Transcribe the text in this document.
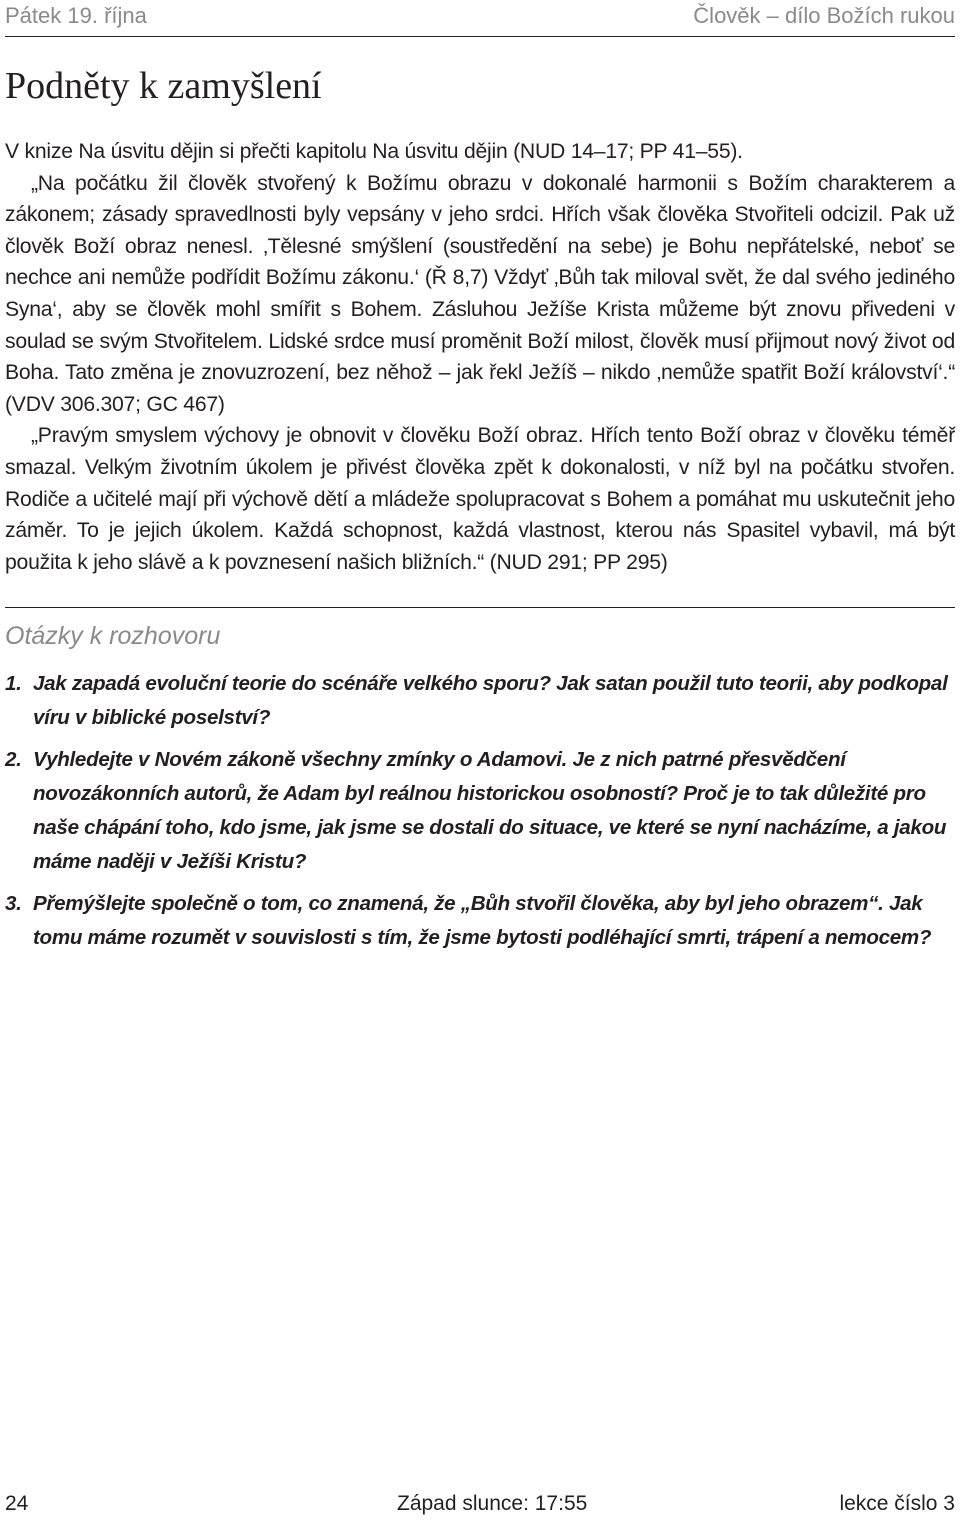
Pátek 19. října	Člověk – dílo Božích rukou
Podněty k zamyšlení

V knize Na úsvitu dějin si přečti kapitolu Na úsvitu dějin (NUD 14–17; PP 41–55).

„Na počátku žil člověk stvořený k Božímu obrazu v dokonalé harmonii s Božím charakterem a zákonem; zásady spravedlnosti byly vepsány v jeho srdci. Hřích však člověka Stvořiteli odcizil. Pak už člověk Boží obraz nenesl. ‚Tělesné smýšlení (soustředění na sebe) je Bohu nepřátelské, neboť se nechce ani nemůže podřídit Božímu zákonu.‘ (Ř 8,7) Vždyť ‚Bůh tak miloval svět, že dal svého jediného Syna‘, aby se člověk mohl smířit s Bohem. Zásluhou Ježíše Krista můžeme být znovu přivedeni v soulad se svým Stvořitelem. Lidské srdce musí proměnit Boží milost, člověk musí přijmout nový život od Boha. Tato změna je znovuzrození, bez něhož – jak řekl Ježíš – nikdo ‚nemůže spatřit Boží království‘.“ (VDV 306.307; GC 467)

„Pravým smyslem výchovy je obnovit v člověku Boží obraz. Hřích tento Boží obraz v člověku téměř smazal. Velkým životním úkolem je přivést člověka zpět k dokonalosti, v níž byl na počátku stvořen. Rodiče a učitelé mají při výchově dětí a mládeže spolupracovat s Bohem a pomáhat mu uskutečnit jeho záměr. To je jejich úkolem. Každá schopnost, každá vlastnost, kterou nás Spasitel vybavil, má být použita k jeho slávě a k povznesení našich bližních.“ (NUD 291; PP 295)

Otázky k rozhovoru
1. Jak zapadá evoluční teorie do scénáře velkého sporu? Jak satan použil tuto teorii, aby podkopal víru v biblické poselství?
2. Vyhledejte v Novém zákoně všechny zmínky o Adamovi. Je z nich patrné přesvědčení novozákonních autorů, že Adam byl reálnou historickou osobností? Proč je to tak důležité pro naše chápání toho, kdo jsme, jak jsme se dostali do situace, ve které se nyní nacházíme, a jakou máme naději v Ježíši Kristu?
3. Přemýšlejte společně o tom, co znamená, že „Bůh stvořil člověka, aby byl jeho obrazem“. Jak tomu máme rozumět v souvislosti s tím, že jsme bytosti podléhající smrti, trápení a nemocem?
24	Západ slunce: 17:55	lekce číslo 3
